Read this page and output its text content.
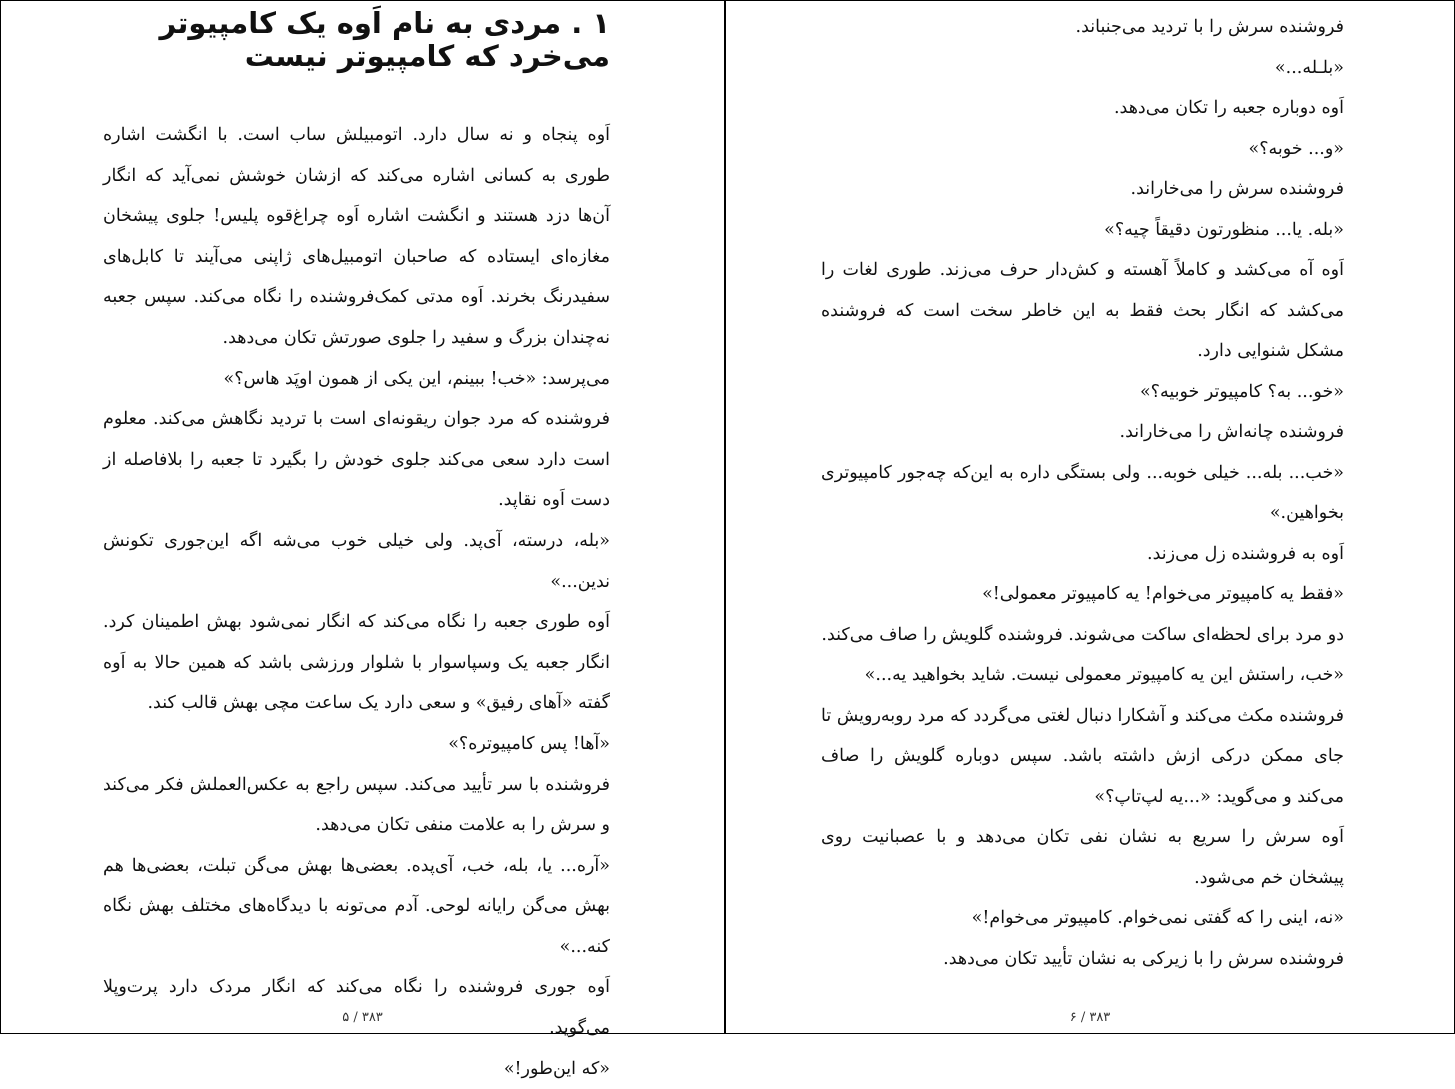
۱ . مردی به نام اَوه یک کامپیوتر می‌خرد که کامپیوتر نیست

اَوه پنجاه و نه سال دارد. اتومبیلش ساب است. با انگشت اشاره طوری به کسانی اشاره می‌کند که ازشان خوشش نمی‌آید که انگار آن‌ها دزد هستند و انگشت اشاره اَوه چراغ‌قوه پلیس! جلوی پیشخان مغازه‌ای ایستاده که صاحبان اتومبیل‌های ژاپنی می‌آیند تا کابل‌های سفیدرنگ بخرند. اَوه مدتی کمک‌فروشنده را نگاه می‌کند. سپس جعبه نه‌چندان بزرگ و سفید را جلوی صورتش تکان می‌دهد.

می‌پرسد: «خب! ببینم، این یکی از همون اوپَد هاس؟»

فروشنده که مرد جوان ریقونه‌ای است با تردید نگاهش می‌کند. معلوم است دارد سعی می‌کند جلوی خودش را بگیرد تا جعبه را بلافاصله از دست اَوه نقاپد.

«بله، درسته، آی‌پد. ولی خیلی خوب می‌شه اگه این‌جوری تکونش ندین...»

اَوه طوری جعبه را نگاه می‌کند که انگار نمی‌شود بهش اطمینان کرد. انگار جعبه یک وسپاسوار با شلوار ورزشی باشد که همین حالا به اَوه گفته «آهای رفیق» و سعی دارد یک ساعت مچی بهش قالب کند.

«آها! پس کامپیوتره؟»

فروشنده با سر تأیید می‌کند. سپس راجع به عکس‌العملش فکر می‌کند و سرش را به علامت منفی تکان می‌دهد.

«آره... یا، بله، خب، آی‌پده. بعضی‌ها بهش می‌گن تبلت، بعضی‌ها هم بهش می‌گن رایانه لوحی. آدم می‌تونه با دیدگاه‌های مختلف بهش نگاه کنه...»

اَوه جوری فروشنده را نگاه می‌کند که انگار مردک دارد پرت‌وپلا می‌گوید.

«که این‌طور!»

۳۸۳ / ۵

فروشنده سرش را با تردید می‌جنباند.

«بلـله...»

اَوه دوباره جعبه را تکان می‌دهد.

«و... خوبه؟»

فروشنده سرش را می‌خاراند.

«بله. یا... منظورتون دقیقاً چیه؟»

اَوه آه می‌کشد و کاملاً آهسته و کش‌دار حرف می‌زند. طوری لغات را می‌کشد که انگار بحث فقط به این خاطر سخت است که فروشنده مشکل شنوایی دارد.

«خو... به؟ کامپیوتر خوبیه؟»

فروشنده چانه‌اش را می‌خاراند.

«خب... بله... خیلی خوبه... ولی بستگی داره به این‌که چه‌جور کامپیوتری بخواهین.»

اَوه به فروشنده زل می‌زند.

«فقط یه کامپیوتر می‌خوام! یه کامپیوتر معمولی!»

دو مرد برای لحظه‌ای ساکت می‌شوند. فروشنده گلویش را صاف می‌کند.

«خب، راستش این یه کامپیوتر معمولی نیست. شاید بخواهید یه...»

فروشنده مکث می‌کند و آشکارا دنبال لغتی می‌گردد که مرد روبه‌رویش تا جای ممکن درکی ازش داشته باشد. سپس دوباره گلویش را صاف می‌کند و می‌گوید: «...یه لپ‌تاپ؟»

اَوه سرش را سریع به نشان نفی تکان می‌دهد و با عصبانیت روی پیشخان خم می‌شود.

«نه، اینی را که گفتی نمی‌خوام. کامپیوتر می‌خوام!»

فروشنده سرش را با زیرکی به نشان تأیید تکان می‌دهد.

۳۸۳ / ۶
